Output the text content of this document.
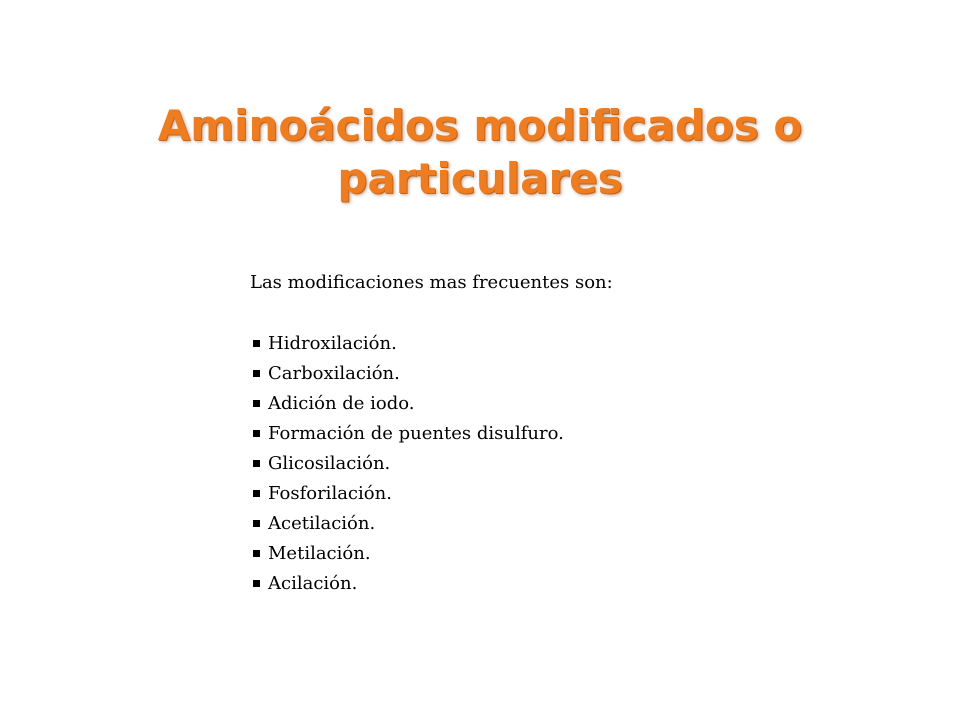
Aminoácidos modificados o
particulares

Las modificaciones mas frecuentes son:

Hidroxilación.
Carboxilación.
Adición de iodo.
Formación de puentes disulfuro.
Glicosilación.
Fosforilación.
Acetilación.
Metilación.
Acilación.
